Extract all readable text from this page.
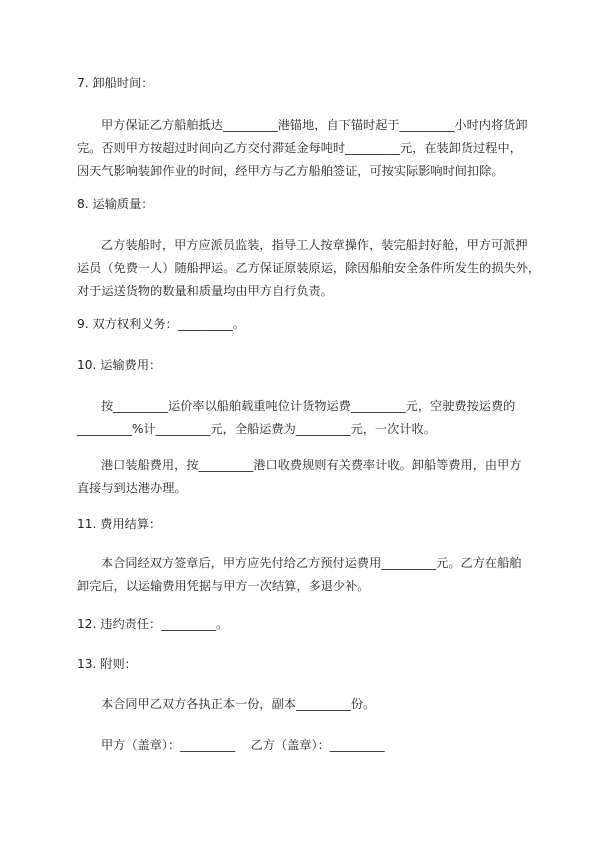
7. 卸船时间：
甲方保证乙方船舶抵达_________港锚地，自下锚时起于_________小时内将货卸
完。否则甲方按超过时间向乙方交付滞延金每吨时_________元，在装卸货过程中，
因天气影响装卸作业的时间，经甲方与乙方船舶签证，可按实际影响时间扣除。
8. 运输质量：
乙方装船时，甲方应派员监装，指导工人按章操作，装完船封好舱，甲方可派押
运员（免费一人）随船押运。乙方保证原装原运，除因船舶安全条件所发生的损失外，
对于运送货物的数量和质量均由甲方自行负责。
9. 双方权利义务：_________。
10. 运输费用：
按_________运价率以船舶载重吨位计货物运费_________元，空驶费按运费的
_________%计_________元，全船运费为_________元，一次计收。
港口装船费用，按_________港口收费规则有关费率计收。卸船等费用，由甲方
直接与到达港办理。
11. 费用结算：
本合同经双方签章后，甲方应先付给乙方预付运费用_________元。乙方在船舶
卸完后，以运输费用凭据与甲方一次结算，多退少补。
12. 违约责任：_________。
13. 附则：
本合同甲乙双方各执正本一份，副本_________份。
甲方（盖章）：_________    乙方（盖章）：_________
